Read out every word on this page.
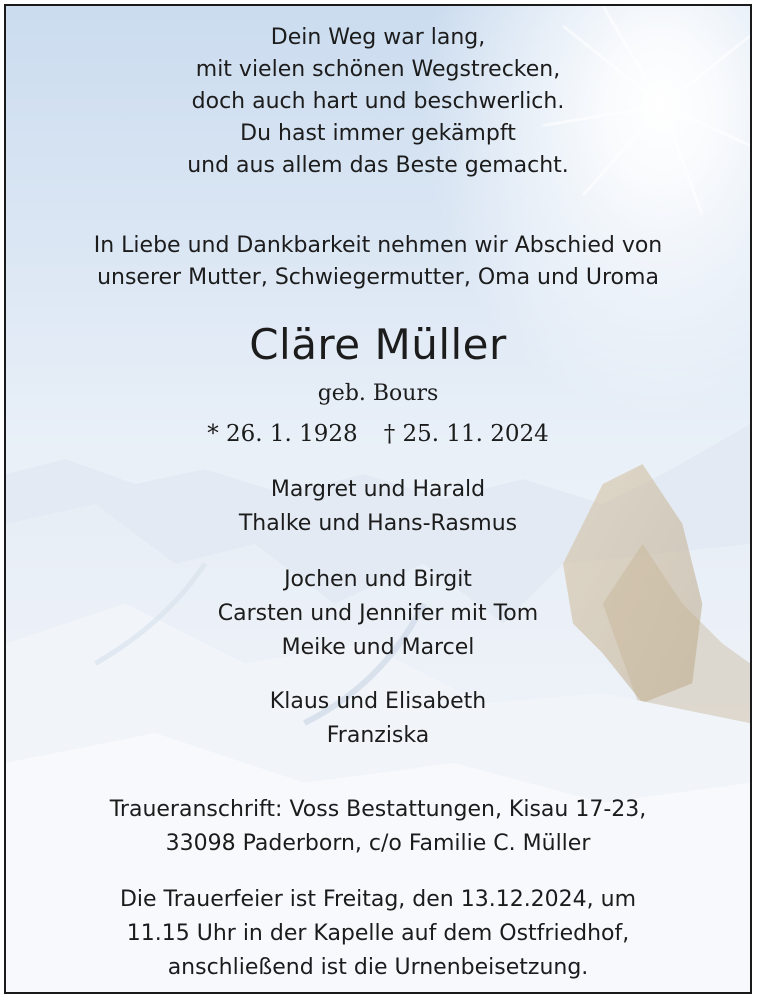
Dein Weg war lang,
mit vielen schönen Wegstrecken,
doch auch hart und beschwerlich.
Du hast immer gekämpft
und aus allem das Beste gemacht.
In Liebe und Dankbarkeit nehmen wir Abschied von
unserer Mutter, Schwiegermutter, Oma und Uroma
Cläre Müller
geb. Bours
* 26. 1. 1928 † 25. 11. 2024
Margret und Harald
Thalke und Hans-Rasmus
Jochen und Birgit
Carsten und Jennifer mit Tom
Meike und Marcel
Klaus und Elisabeth
Franziska
Traueranschrift: Voss Bestattungen, Kisau 17-23,
33098 Paderborn, c/o Familie C. Müller
Die Trauerfeier ist Freitag, den 13.12.2024, um
11.15 Uhr in der Kapelle auf dem Ostfriedhof,
anschließend ist die Urnenbeisetzung.
